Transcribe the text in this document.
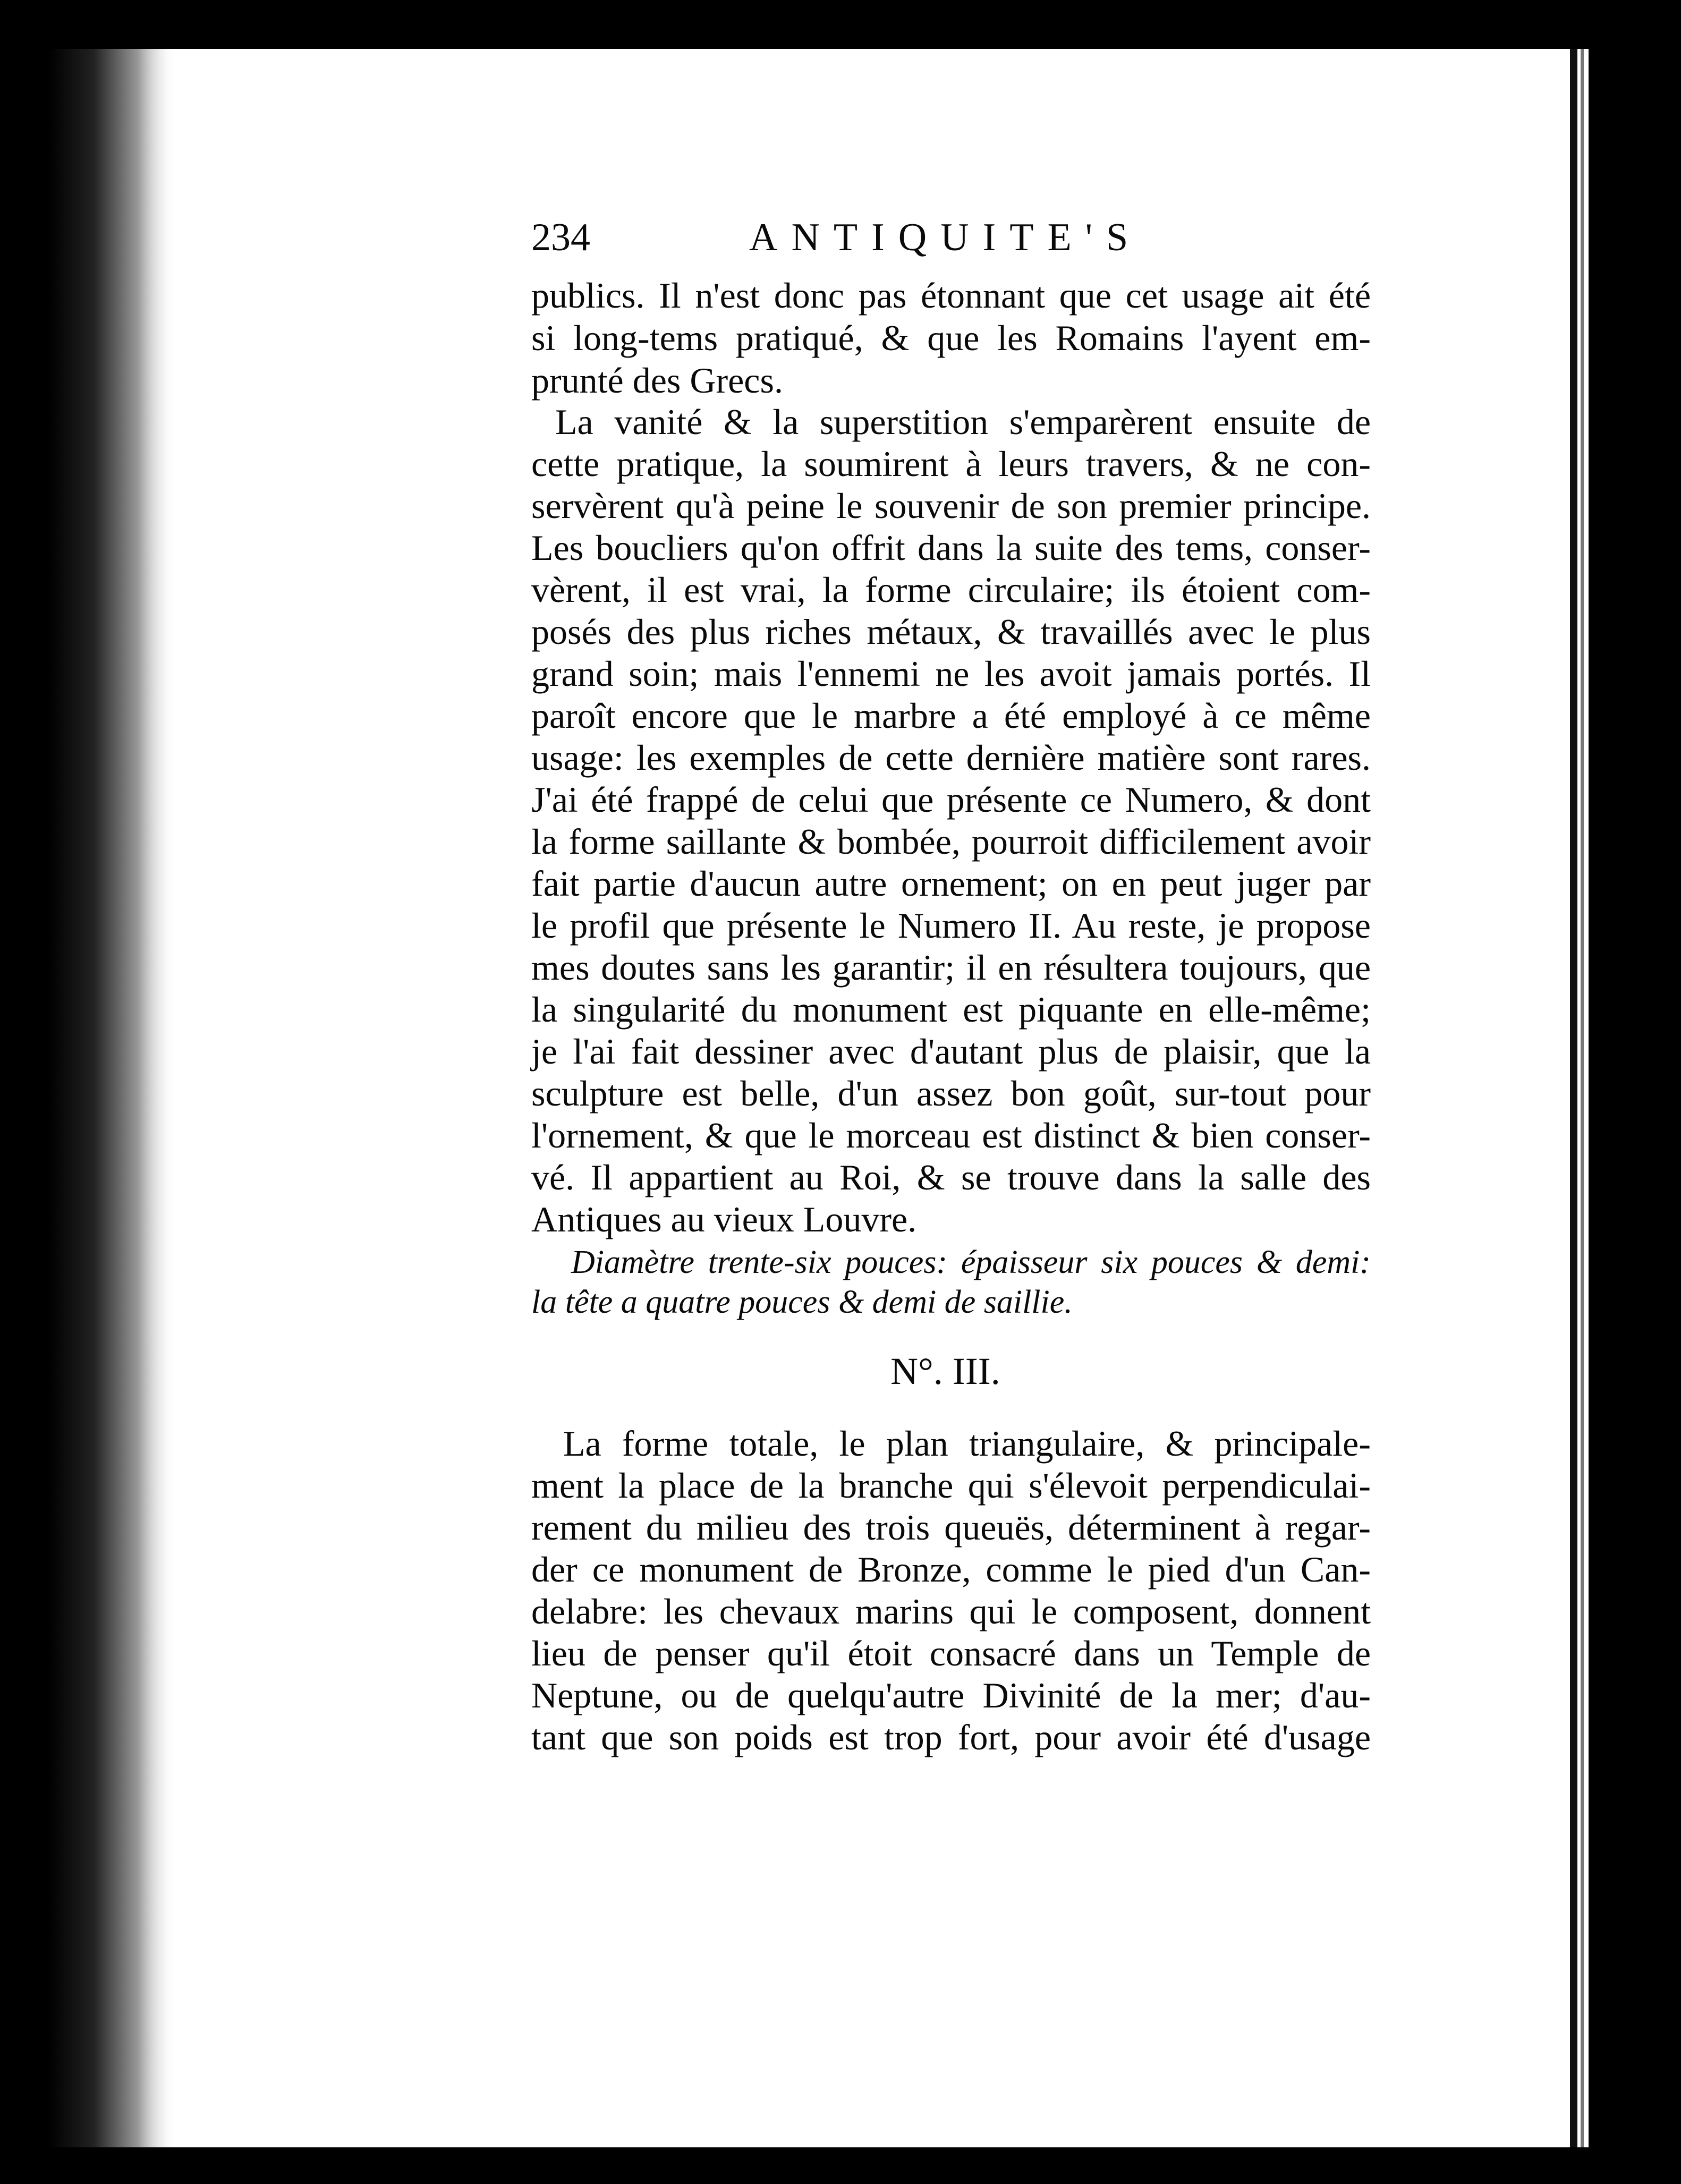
234	ANTIQUITE'S
publics. Il n'est donc pas étonnant que cet usage ait été
si long-tems pratiqué, & que les Romains l'ayent em-
prunté des Grecs.
La vanité & la superstition s'emparèrent ensuite de
cette pratique, la soumirent à leurs travers, & ne con-
servèrent qu'à peine le souvenir de son premier principe.
Les boucliers qu'on offrit dans la suite des tems, conser-
vèrent, il est vrai, la forme circulaire; ils étoient com-
posés des plus riches métaux, & travaillés avec le plus
grand soin; mais l'ennemi ne les avoit jamais portés. Il
paroît encore que le marbre a été employé à ce même
usage: les exemples de cette dernière matière sont rares.
J'ai été frappé de celui que présente ce Numero, & dont
la forme saillante & bombée, pourroit difficilement avoir
fait partie d'aucun autre ornement; on en peut juger par
le profil que présente le Numero II. Au reste, je propose
mes doutes sans les garantir; il en résultera toujours, que
la singularité du monument est piquante en elle-même;
je l'ai fait dessiner avec d'autant plus de plaisir, que la
sculpture est belle, d'un assez bon goût, sur-tout pour
l'ornement, & que le morceau est distinct & bien conser-
vé. Il appartient au Roi, & se trouve dans la salle des
Antiques au vieux Louvre.
Diamètre trente-six pouces: épaisseur six pouces & demi:
la tête a quatre pouces & demi de saillie.
N°. III.
La forme totale, le plan triangulaire, & principale-
ment la place de la branche qui s'élevoit perpendiculai-
rement du milieu des trois queuës, déterminent à regar-
der ce monument de Bronze, comme le pied d'un Can-
delabre: les chevaux marins qui le composent, donnent
lieu de penser qu'il étoit consacré dans un Temple de
Neptune, ou de quelqu'autre Divinité de la mer; d'au-
tant que son poids est trop fort, pour avoir été d'usage
